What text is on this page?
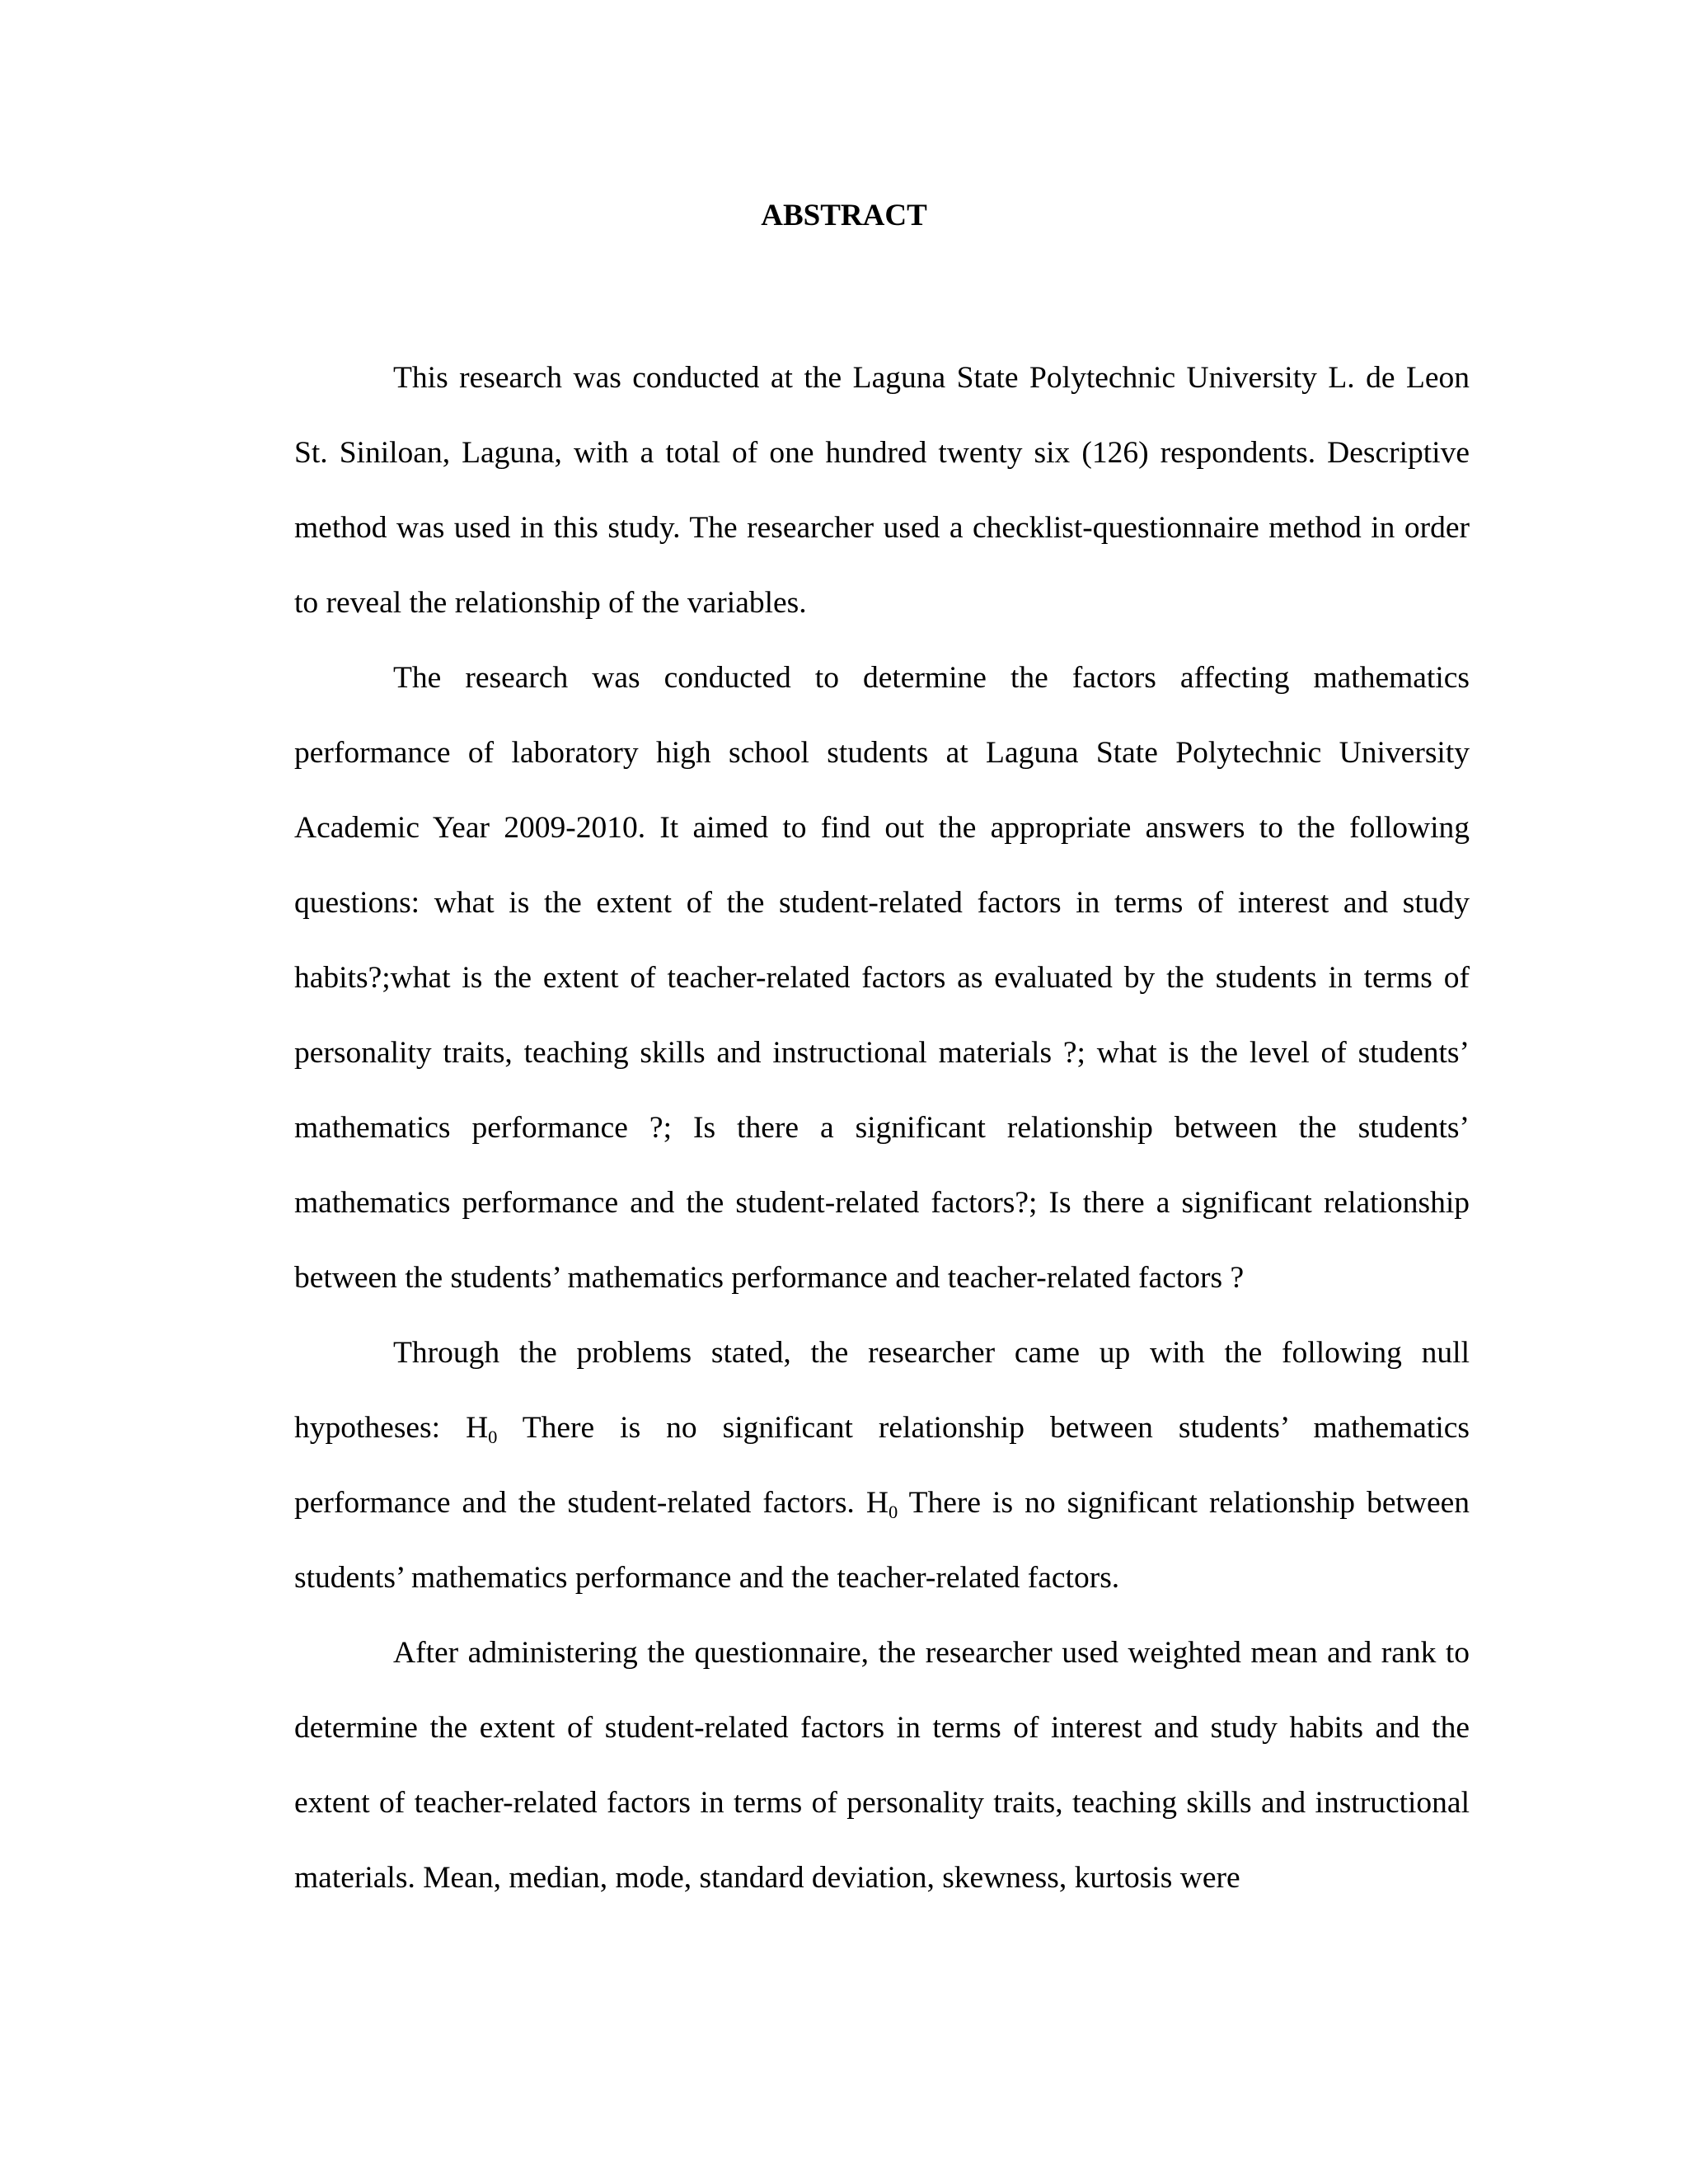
ABSTRACT

This research was conducted at the Laguna State Polytechnic University L. de Leon St. Siniloan, Laguna, with a total of one hundred twenty six (126) respondents. Descriptive method was used in this study. The researcher used a checklist-questionnaire method in order to reveal the relationship of the variables.

The research was conducted to determine the factors affecting mathematics performance of laboratory high school students at Laguna State Polytechnic University Academic Year 2009-2010. It aimed to find out the appropriate answers to the following questions: what is the extent of the student-related factors in terms of interest and study habits?;what is the extent of teacher-related factors as evaluated by the students in terms of personality traits, teaching skills and instructional materials ?; what is the level of students’ mathematics performance ?; Is there a significant relationship between the students’ mathematics performance and the student-related factors?; Is there a significant relationship between the students’ mathematics performance and teacher-related factors ?

Through the problems stated, the researcher came up with the following null hypotheses: $H_0$ There is no significant relationship between students’ mathematics performance and the student-related factors. $H_0$ There is no significant relationship between students’ mathematics performance and the teacher-related factors.

After administering the questionnaire, the researcher used weighted mean and rank to determine the extent of student-related factors in terms of interest and study habits and the extent of teacher-related factors in terms of personality traits, teaching skills and instructional materials. Mean, median, mode, standard deviation, skewness, kurtosis were
